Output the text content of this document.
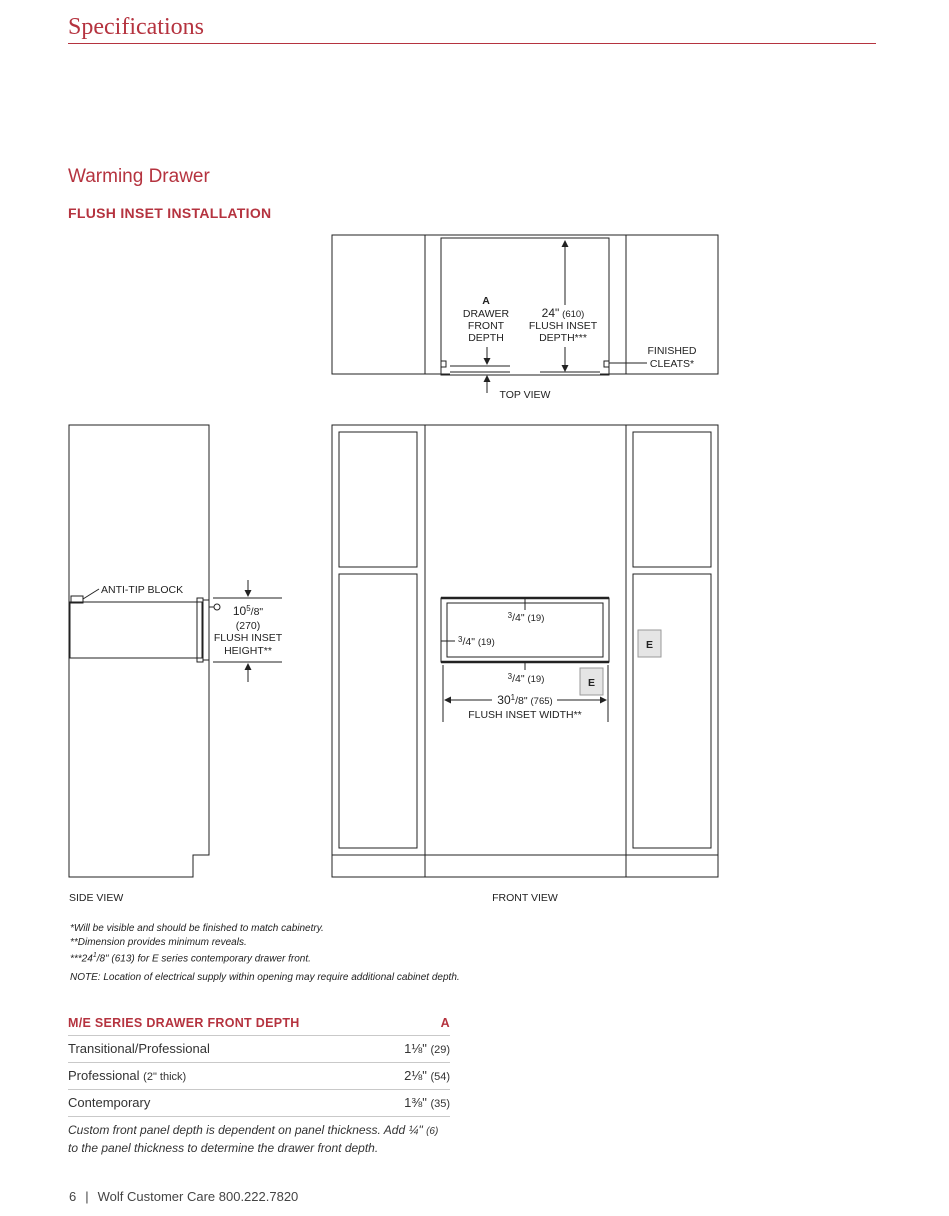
Specifications
Warming Drawer
FLUSH INSET INSTALLATION
E
E
A
DRAWER
FRONT
DEPTH
24" (610)
FLUSH INSET
DEPTH***
FINISHED
CLEATS*
TOP VIEW
ANTI-TIP BLOCK
$10^5/8$"
(270)
FLUSH INSET
HEIGHT**
SIDE VIEW
$^3$/4" (19)
$^3$/4" (19)
$^3$/4" (19)
$30^1/8$" (765)
FLUSH INSET WIDTH**
FRONT VIEW
*Will be visible and should be finished to match cabinetry.
**Dimension provides minimum reveals.
$***24^1/8$" (613) for E series contemporary drawer front.
NOTE: Location of electrical supply within opening may require additional cabinet depth.
M/E SERIES DRAWER FRONT DEPTH	A
Transitional/Professional	1⅛" (29)
Professional (2" thick)	2⅛" (54)
Contemporary	1⅜" (35)
Custom front panel depth is dependent on panel thickness. Add ¼" (6)
to the panel thickness to determine the drawer front depth.
6 | Wolf Customer Care 800.222.7820
